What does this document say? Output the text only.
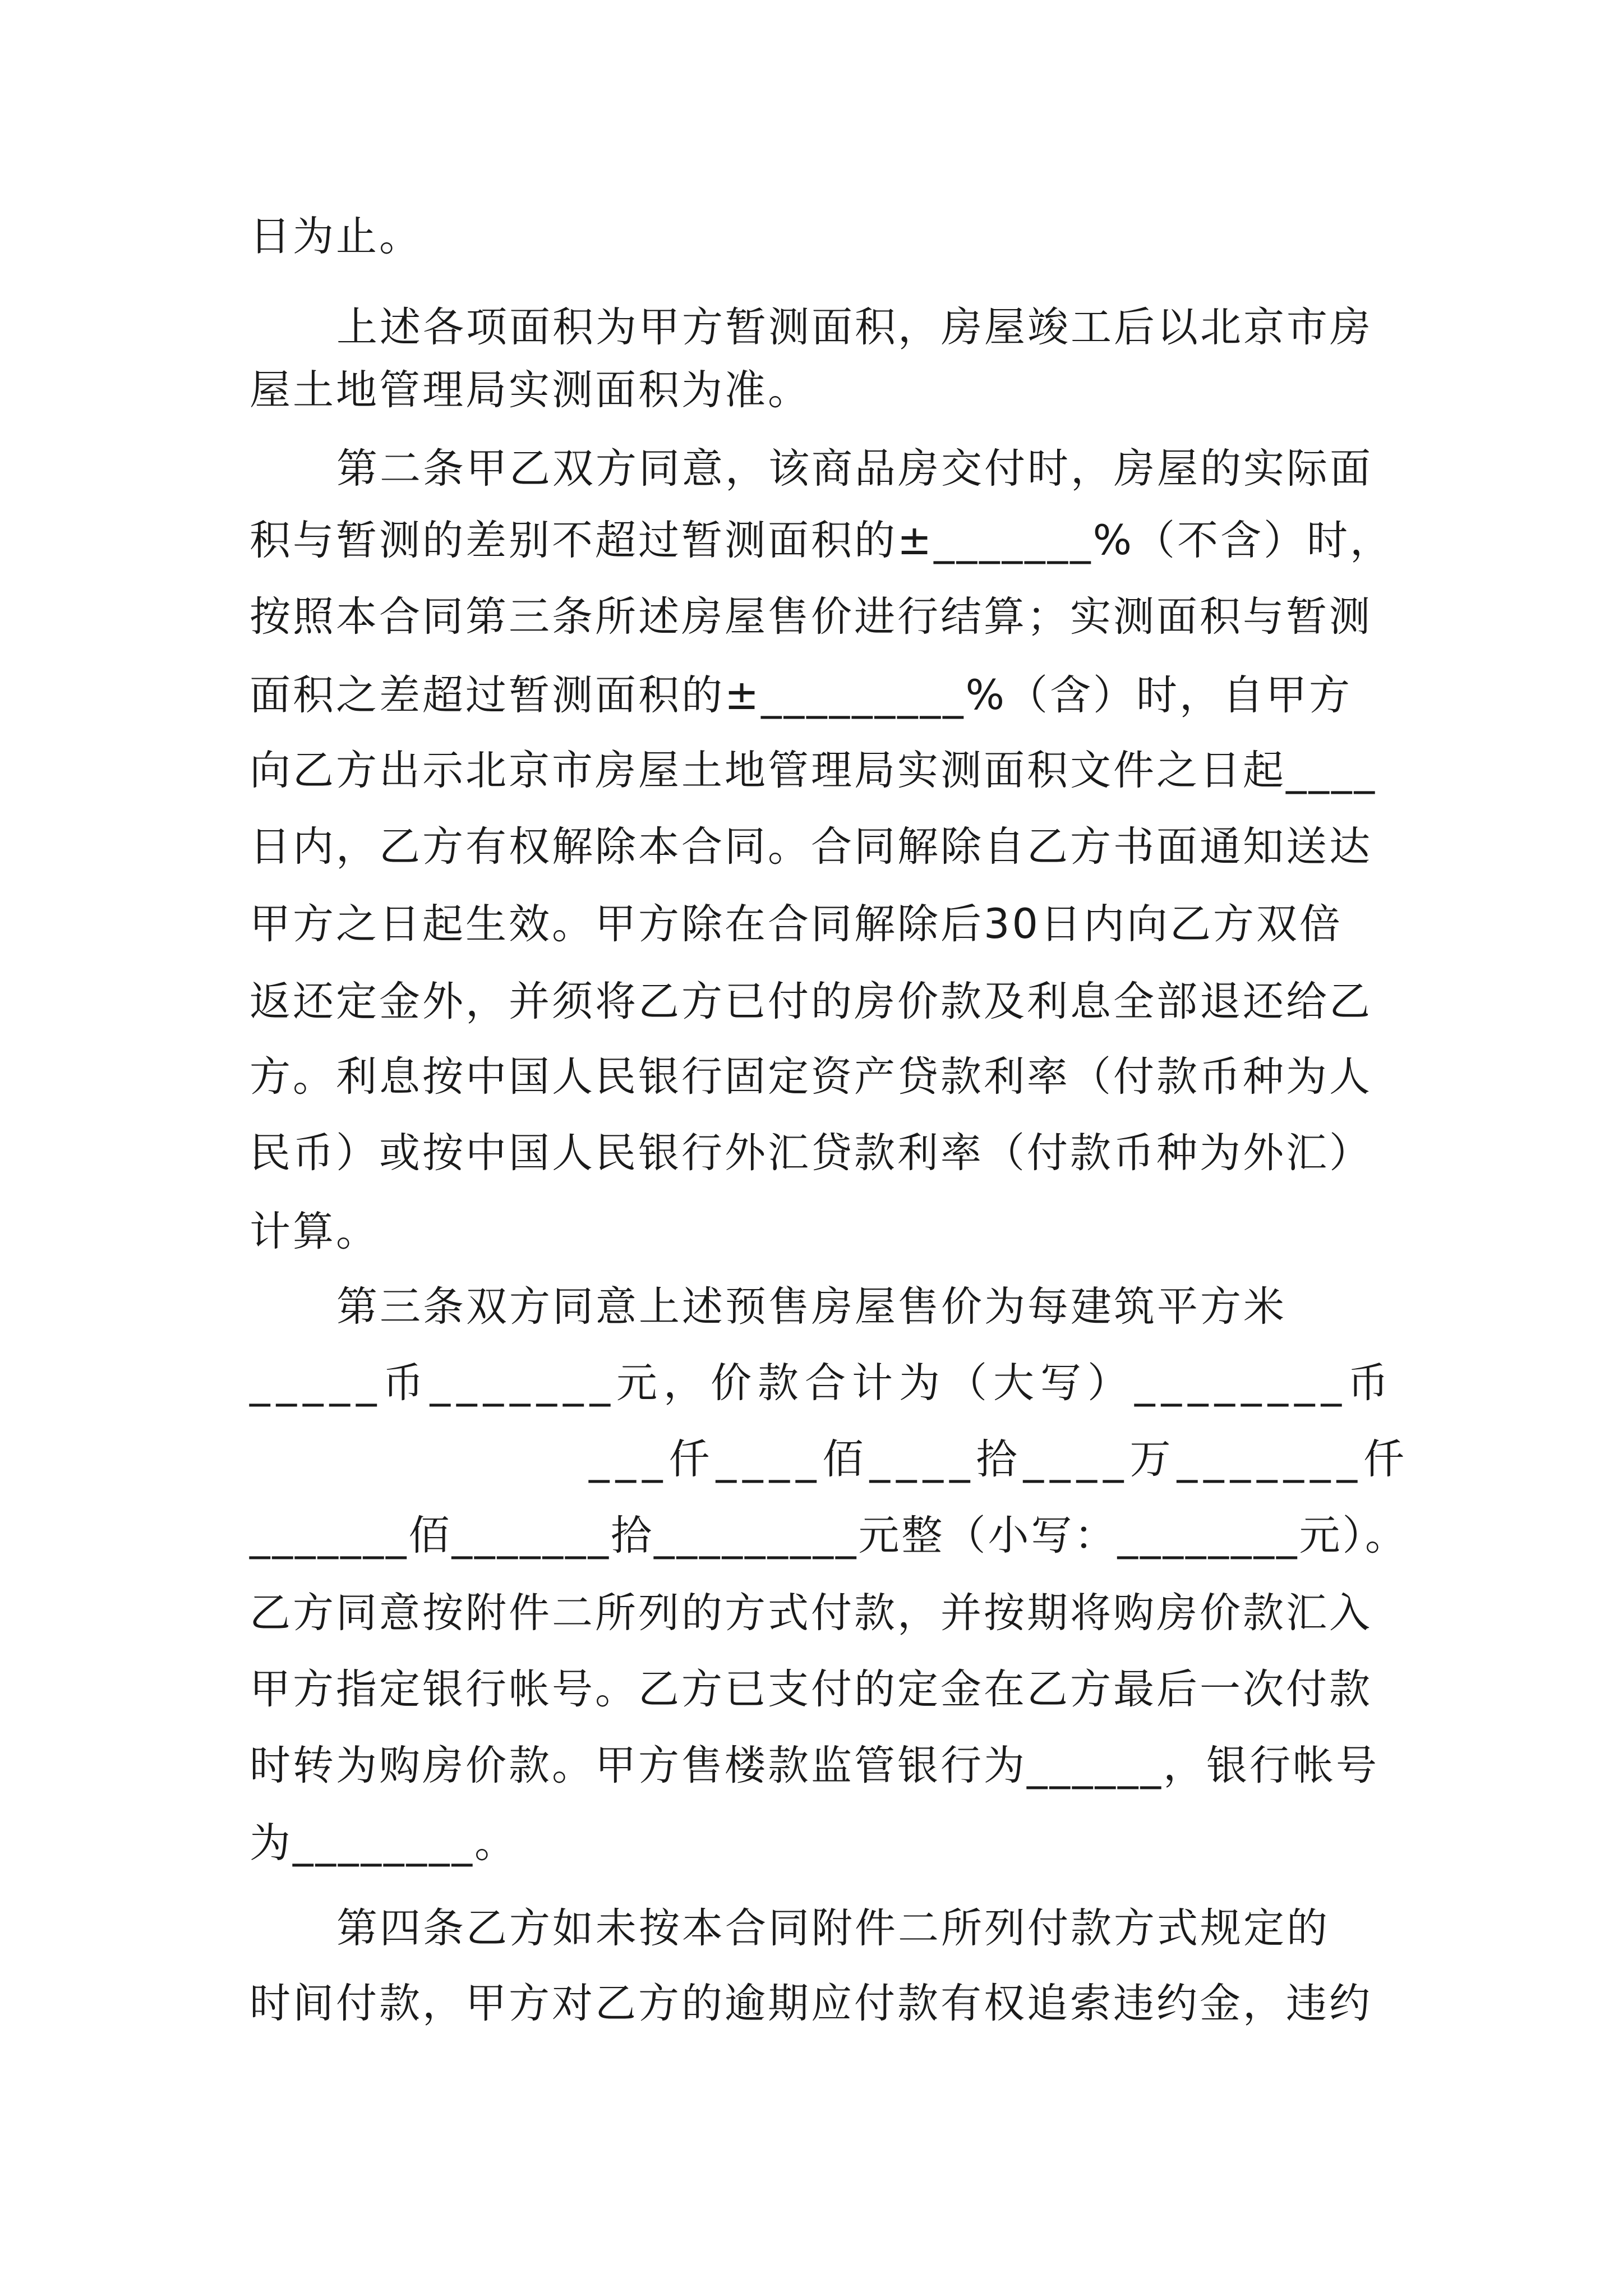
日为止。
上述各项面积为甲方暂测面积，房屋竣工后以北京市房
屋土地管理局实测面积为准。
第二条甲乙双方同意，该商品房交付时，房屋的实际面
积与暂测的差别不超过暂测面积的±_______%（不含）时，
按照本合同第三条所述房屋售价进行结算；实测面积与暂测
面积之差超过暂测面积的±_________%（含）时，自甲方
向乙方出示北京市房屋土地管理局实测面积文件之日起____
日内，乙方有权解除本合同。合同解除自乙方书面通知送达
甲方之日起生效。甲方除在合同解除后30日内向乙方双倍
返还定金外，并须将乙方已付的房价款及利息全部退还给乙
方。利息按中国人民银行固定资产贷款利率（付款币种为人
民币）或按中国人民银行外汇贷款利率（付款币种为外汇）
计算。
第三条双方同意上述预售房屋售价为每建筑平方米
_____币_______元，价款合计为（大写）________币
___仟____佰____拾____万_______仟
_______佰_______拾_________元整（小写：________元）。
乙方同意按附件二所列的方式付款，并按期将购房价款汇入
甲方指定银行帐号。乙方已支付的定金在乙方最后一次付款
时转为购房价款。甲方售楼款监管银行为______，银行帐号
为________。
第四条乙方如未按本合同附件二所列付款方式规定的
时间付款，甲方对乙方的逾期应付款有权追索违约金，违约
